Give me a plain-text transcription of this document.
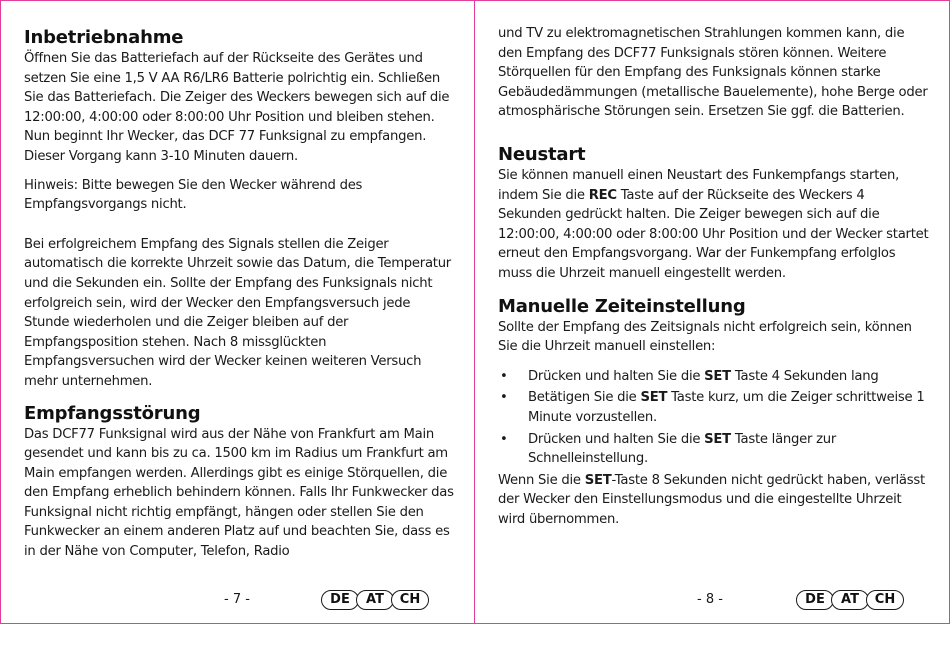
Inbetriebnahme

Öffnen Sie das Batteriefach auf der Rückseite des Gerätes und setzen Sie eine 1,5 V AA R6/LR6 Batterie polrichtig ein. Schließen Sie das Batteriefach. Die Zeiger des Weckers bewegen sich auf die 12:00:00, 4:00:00 oder 8:00:00 Uhr Position und bleiben stehen. Nun beginnt Ihr Wecker, das DCF 77 Funksignal zu empfangen. Dieser Vorgang kann 3-10 Minuten dauern.

Hinweis: Bitte bewegen Sie den Wecker während des Empfangsvorgangs nicht.

Bei erfolgreichem Empfang des Signals stellen die Zeiger automatisch die korrekte Uhrzeit sowie das Datum, die Temperatur und die Sekunden ein. Sollte der Empfang des Funksignals nicht erfolgreich sein, wird der Wecker den Empfangsversuch jede Stunde wiederholen und die Zeiger bleiben auf der Empfangsposition stehen. Nach 8 missglückten Empfangsversuchen wird der Wecker keinen weiteren Versuch mehr unternehmen.

Empfangsstörung

Das DCF77 Funksignal wird aus der Nähe von Frankfurt am Main gesendet und kann bis zu ca. 1500 km im Radius um Frankfurt am Main empfangen werden. Allerdings gibt es einige Störquellen, die den Empfang erheblich behindern können. Falls Ihr Funkwecker das Funksignal nicht richtig empfängt, hängen oder stellen Sie den Funkwecker an einem anderen Platz auf und beachten Sie, dass es in der Nähe von Computer, Telefon, Radio

- 7 -	DE	AT	CH

und TV zu elektromagnetischen Strahlungen kommen kann, die den Empfang des DCF77 Funksignals stören können. Weitere Störquellen für den Empfang des Funksignals können starke Gebäudedämmungen (metallische Bauelemente), hohe Berge oder atmosphärische Störungen sein. Ersetzen Sie ggf. die Batterien.

Neustart

Sie können manuell einen Neustart des Funkempfangs starten, indem Sie die REC Taste auf der Rückseite des Weckers 4 Sekunden gedrückt halten. Die Zeiger bewegen sich auf die 12:00:00, 4:00:00 oder 8:00:00 Uhr Position und der Wecker startet erneut den Empfangsvorgang. War der Funkempfang erfolglos muss die Uhrzeit manuell eingestellt werden.

Manuelle Zeiteinstellung

Sollte der Empfang des Zeitsignals nicht erfolgreich sein, können Sie die Uhrzeit manuell einstellen:

• Drücken und halten Sie die SET Taste 4 Sekunden lang
• Betätigen Sie die SET Taste kurz, um die Zeiger schrittweise 1 Minute vorzustellen.
• Drücken und halten Sie die SET Taste länger zur Schnelleinstellung.

Wenn Sie die SET-Taste 8 Sekunden nicht gedrückt haben, verlässt der Wecker den Einstellungsmodus und die eingestellte Uhrzeit wird übernommen.

- 8 -	DE	AT	CH
